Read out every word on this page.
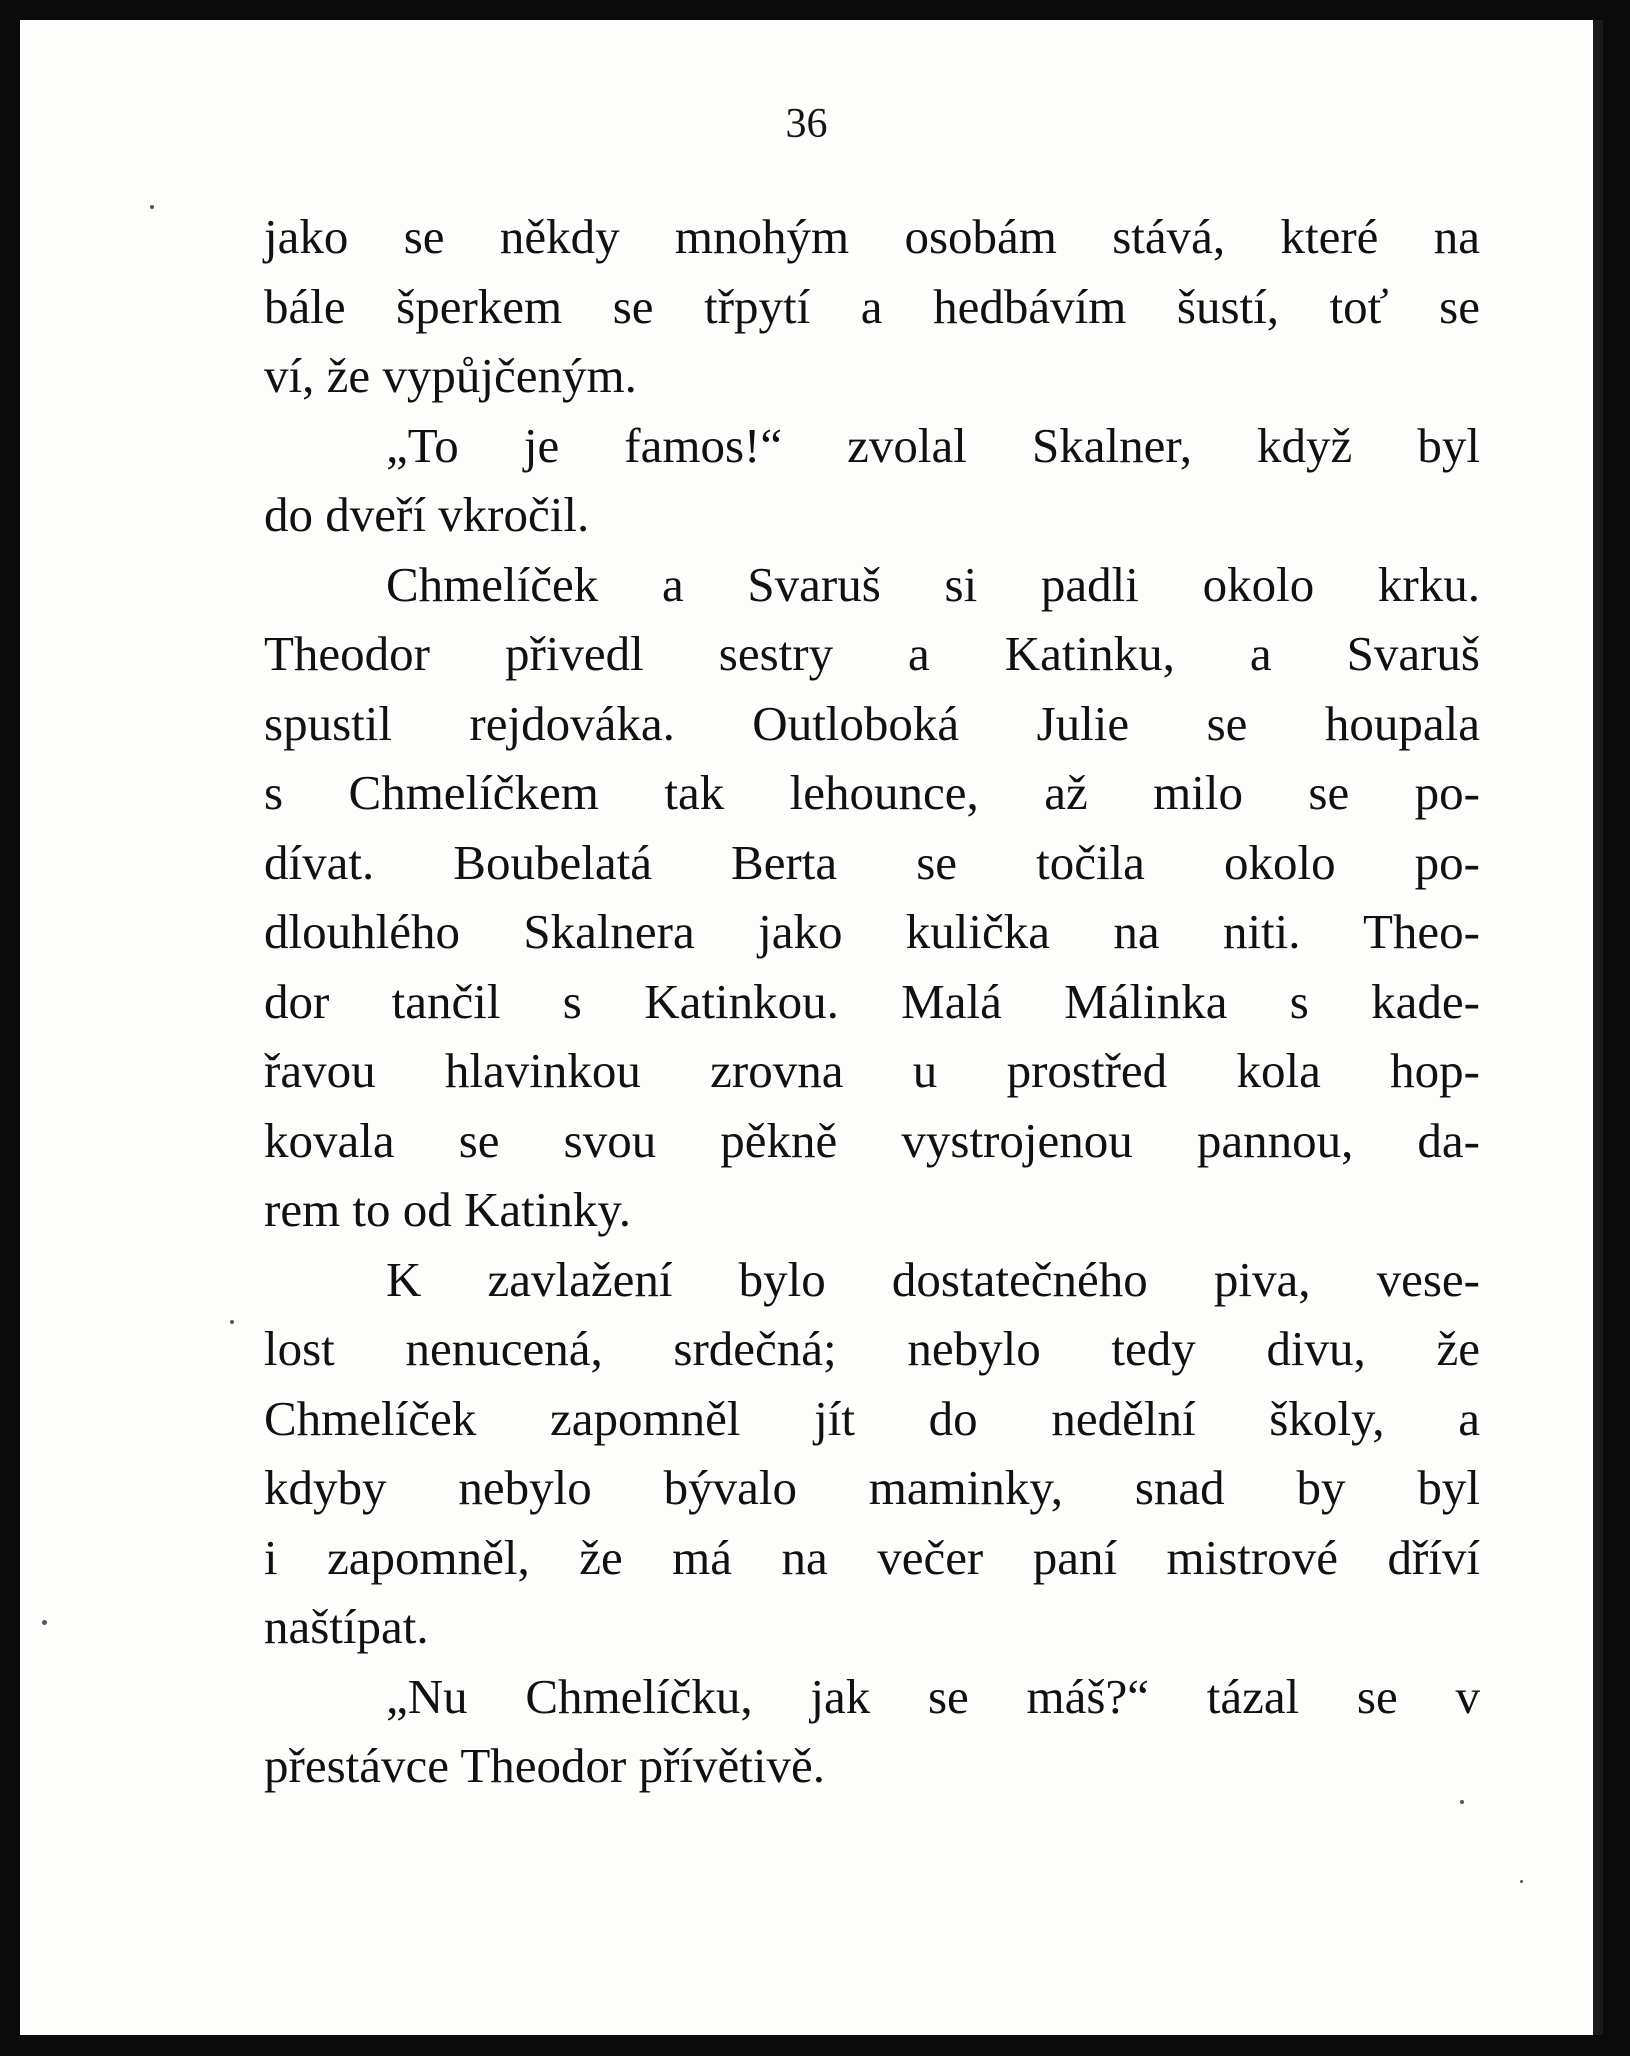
36

jako se někdy mnohým osobám stává, které na
bále šperkem se třpytí a hedbávím šustí, toť se
ví, že vypůjčeným.

„To je famos!“ zvolal Skalner, když byl
do dveří vkročil.

Chmelíček a Svaruš si padli okolo krku.
Theodor přivedl sestry a Katinku, a Svaruš
spustil rejdováka. Outloboká Julie se houpala
s Chmelíčkem tak lehounce, až milo se po-
dívat. Boubelatá Berta se točila okolo po-
dlouhlého Skalnera jako kulička na niti. Theo-
dor tančil s Katinkou. Malá Málinka s kade-
řavou hlavinkou zrovna u prostřed kola hop-
kovala se svou pěkně vystrojenou pannou, da-
rem to od Katinky.

K zavlažení bylo dostatečného piva, vese-
lost nenucená, srdečná; nebylo tedy divu, že
Chmelíček zapomněl jít do nedělní školy, a
kdyby nebylo bývalo maminky, snad by byl
i zapomněl, že má na večer paní mistrové dříví
naštípat.

„Nu Chmelíčku, jak se máš?“ tázal se v
přestávce Theodor přívětivě.
